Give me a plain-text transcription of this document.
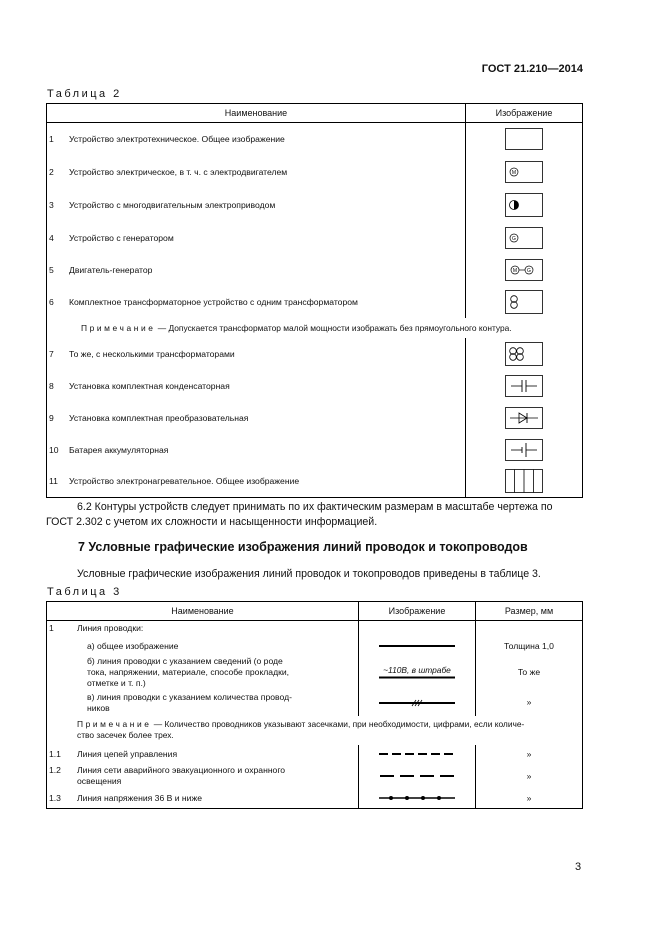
ГОСТ 21.210—2014
Таблица 2
Наименование	Изображение

1 Устройство электротехническое. Общее изображение	

2 Устройство электрическое, в т. ч. с электродвигателем	M

3 Устройство с многодвигательным электроприводом	

4 Устройство с генератором	G

5 Двигатель-генератор	M G

6 Комплектное трансформаторное устройство с одним трансформатором	

Примечание — Допускается трансформатор малой мощности изображать без прямоугольного контура.	

7 То же, с несколькими трансформаторами	

8 Установка комплектная конденсаторная	

9 Установка комплектная преобразовательная	

10 Батарея аккумуляторная	

11 Устройство электронагревательное. Общее изображение	
6.2 Контуры устройств следует принимать по их фактическим размерам в масштабе чертежа по
ГОСТ 2.302 с учетом их сложности и насыщенности информацией.
7 Условные графические изображения линий проводок и токопроводов
Условные графические изображения линий проводок и токопроводов приведены в таблице 3.
Таблица 3
Наименование	Изображение	Размер, мм

1 Линия проводки:		
а) общее изображение		Толщина 1,0
б) линия проводки с указанием сведений (о роде
тока, напряжении, материале, способе прокладки,
отметке и т. п.)	~110В, в штрабе	То же
в) линия проводки с указанием количества провод-
ников		»
Примечание — Количество проводников указывают засечками, при необходимости, цифрами, если количе-
ство засечек более трех.		

1.1 Линия цепей управления		»

1.2 Линия сети аварийного эвакуационного и охранного
освещения		»

1.3 Линия напряжения 36 В и ниже		»
3
